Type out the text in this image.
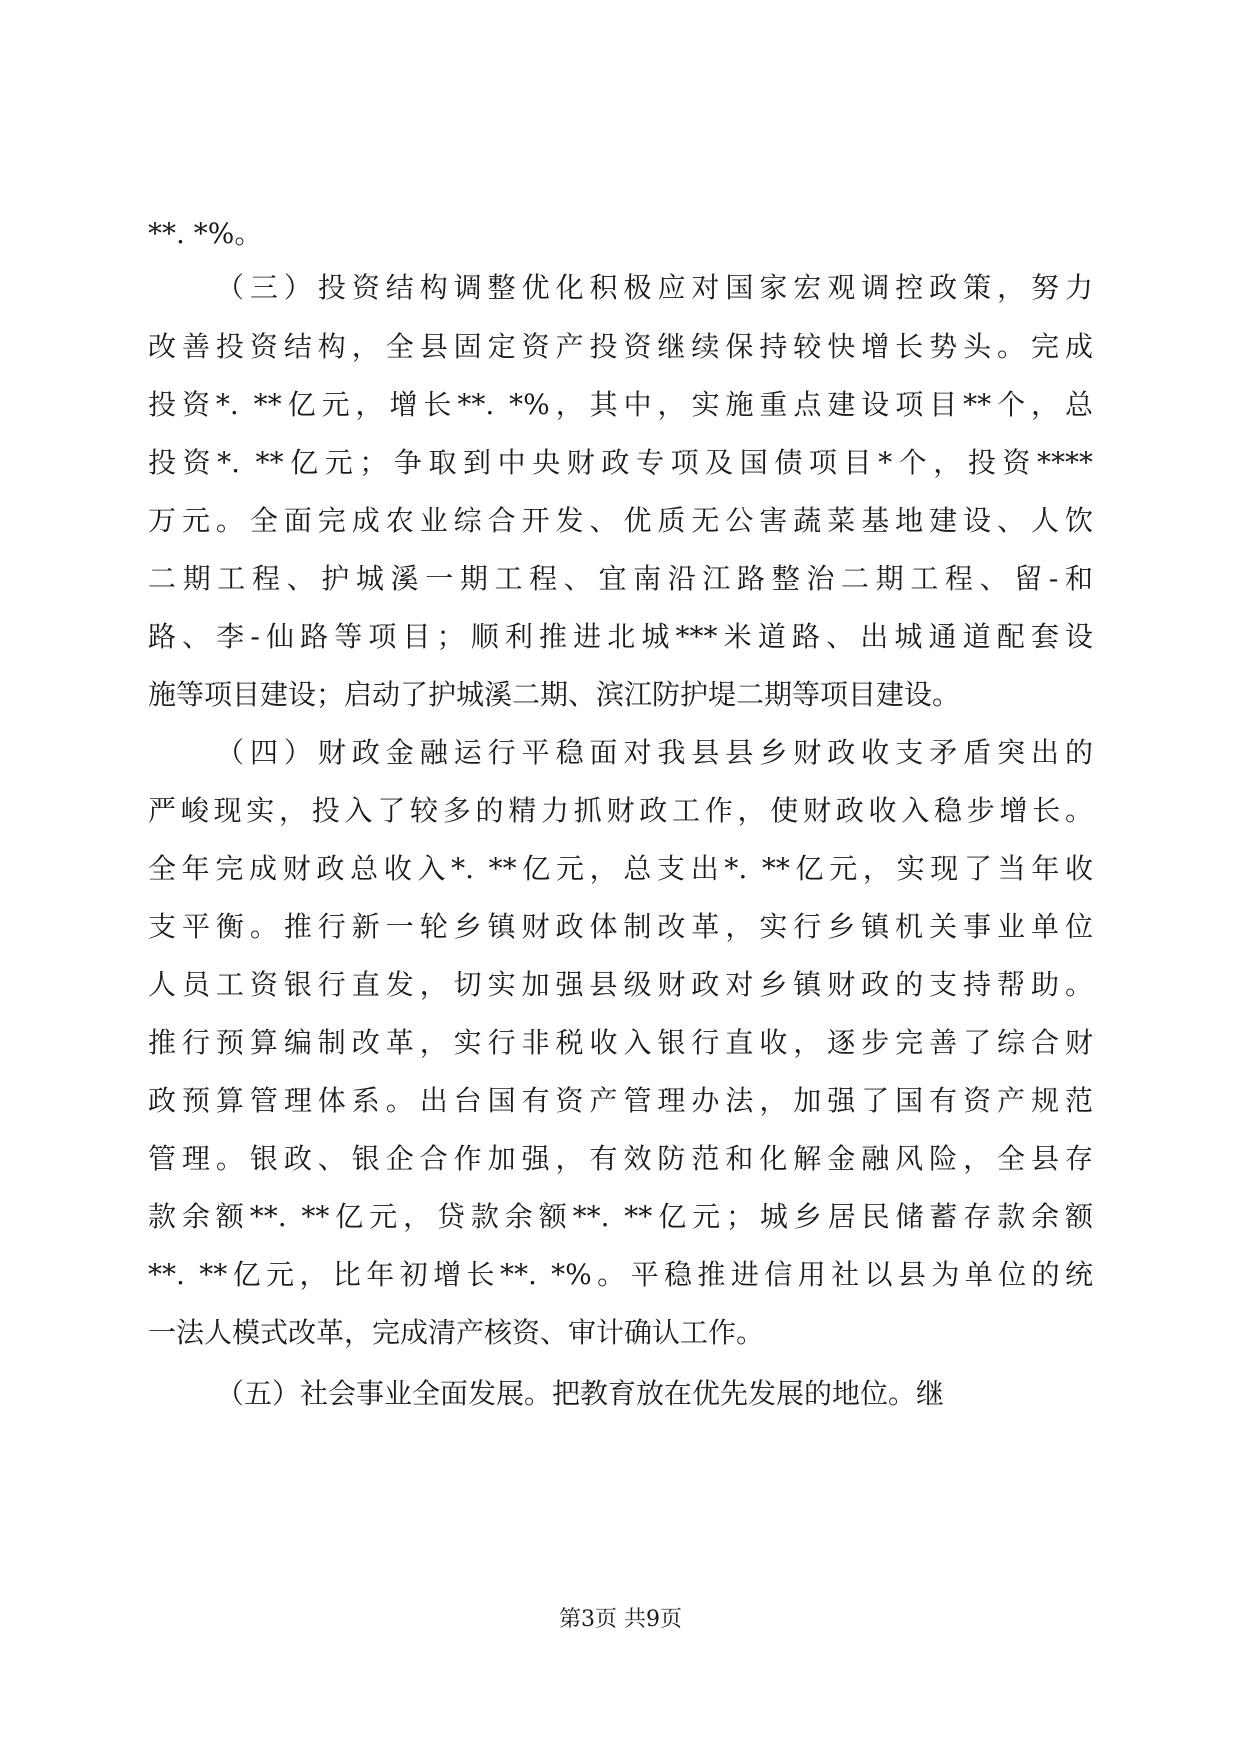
**. *%。
（三）投资结构调整优化积极应对国家宏观调控政策，努力
改善投资结构，全县固定资产投资继续保持较快增长势头。完成
投资*. **亿元，增长**. *%，其中，实施重点建设项目**个，总
投资*. **亿元；争取到中央财政专项及国债项目*个，投资****
万元。全面完成农业综合开发、优质无公害蔬菜基地建设、人饮
二期工程、护城溪一期工程、宜南沿江路整治二期工程、留-和
路、李-仙路等项目；顺利推进北城***米道路、出城通道配套设
施等项目建设；启动了护城溪二期、滨江防护堤二期等项目建设。
（四）财政金融运行平稳面对我县县乡财政收支矛盾突出的
严峻现实，投入了较多的精力抓财政工作，使财政收入稳步增长。
全年完成财政总收入*. **亿元，总支出*. **亿元，实现了当年收
支平衡。推行新一轮乡镇财政体制改革，实行乡镇机关事业单位
人员工资银行直发，切实加强县级财政对乡镇财政的支持帮助。
推行预算编制改革，实行非税收入银行直收，逐步完善了综合财
政预算管理体系。出台国有资产管理办法，加强了国有资产规范
管理。银政、银企合作加强，有效防范和化解金融风险，全县存
款余额**. **亿元，贷款余额**. **亿元；城乡居民储蓄存款余额
**. **亿元，比年初增长**. *%。平稳推进信用社以县为单位的统
一法人模式改革，完成清产核资、审计确认工作。
（五）社会事业全面发展。把教育放在优先发展的地位。继
第3页 共9页
